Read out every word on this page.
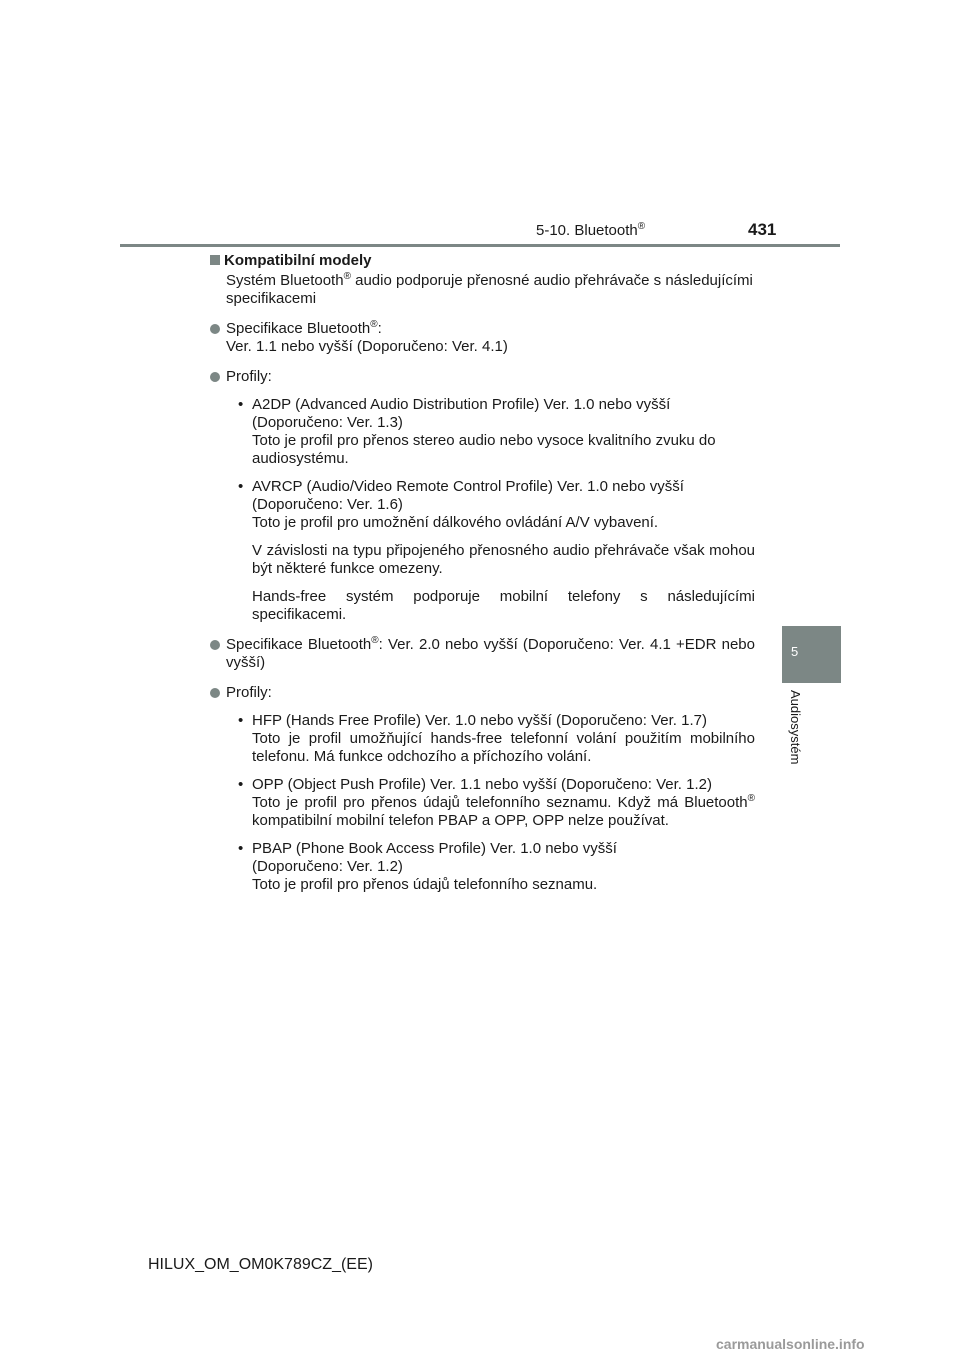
5-10. Bluetooth®	431
5
Audiosystém

Kompatibilní modely

Systém Bluetooth® audio podporuje přenosné audio přehrávače s následujícími specifikacemi

Specifikace Bluetooth®:
Ver. 1.1 nebo vyšší (Doporučeno: Ver. 4.1)

Profily:

• A2DP (Advanced Audio Distribution Profile) Ver. 1.0 nebo vyšší
(Doporučeno: Ver. 1.3)
Toto je profil pro přenos stereo audio nebo vysoce kvalitního zvuku do audiosystému.

• AVRCP (Audio/Video Remote Control Profile) Ver. 1.0 nebo vyšší
(Doporučeno: Ver. 1.6)
Toto je profil pro umožnění dálkového ovládání A/V vybavení.

V závislosti na typu připojeného přenosného audio přehrávače však mohou být některé funkce omezeny.

Hands-free systém podporuje mobilní telefony s následujícími specifikacemi.

Specifikace Bluetooth®: Ver. 2.0 nebo vyšší (Doporučeno: Ver. 4.1 +EDR nebo vyšší)

Profily:

• HFP (Hands Free Profile) Ver. 1.0 nebo vyšší (Doporučeno: Ver. 1.7)
Toto je profil umožňující hands-free telefonní volání použitím mobilního telefonu. Má funkce odchozího a příchozího volání.

• OPP (Object Push Profile) Ver. 1.1 nebo vyšší (Doporučeno: Ver. 1.2)
Toto je profil pro přenos údajů telefonního seznamu. Když má Bluetooth® kompatibilní mobilní telefon PBAP a OPP, OPP nelze používat.

• PBAP (Phone Book Access Profile) Ver. 1.0 nebo vyšší
(Doporučeno: Ver. 1.2)
Toto je profil pro přenos údajů telefonního seznamu.

HILUX_OM_OM0K789CZ_(EE)
carmanualsonline.info
